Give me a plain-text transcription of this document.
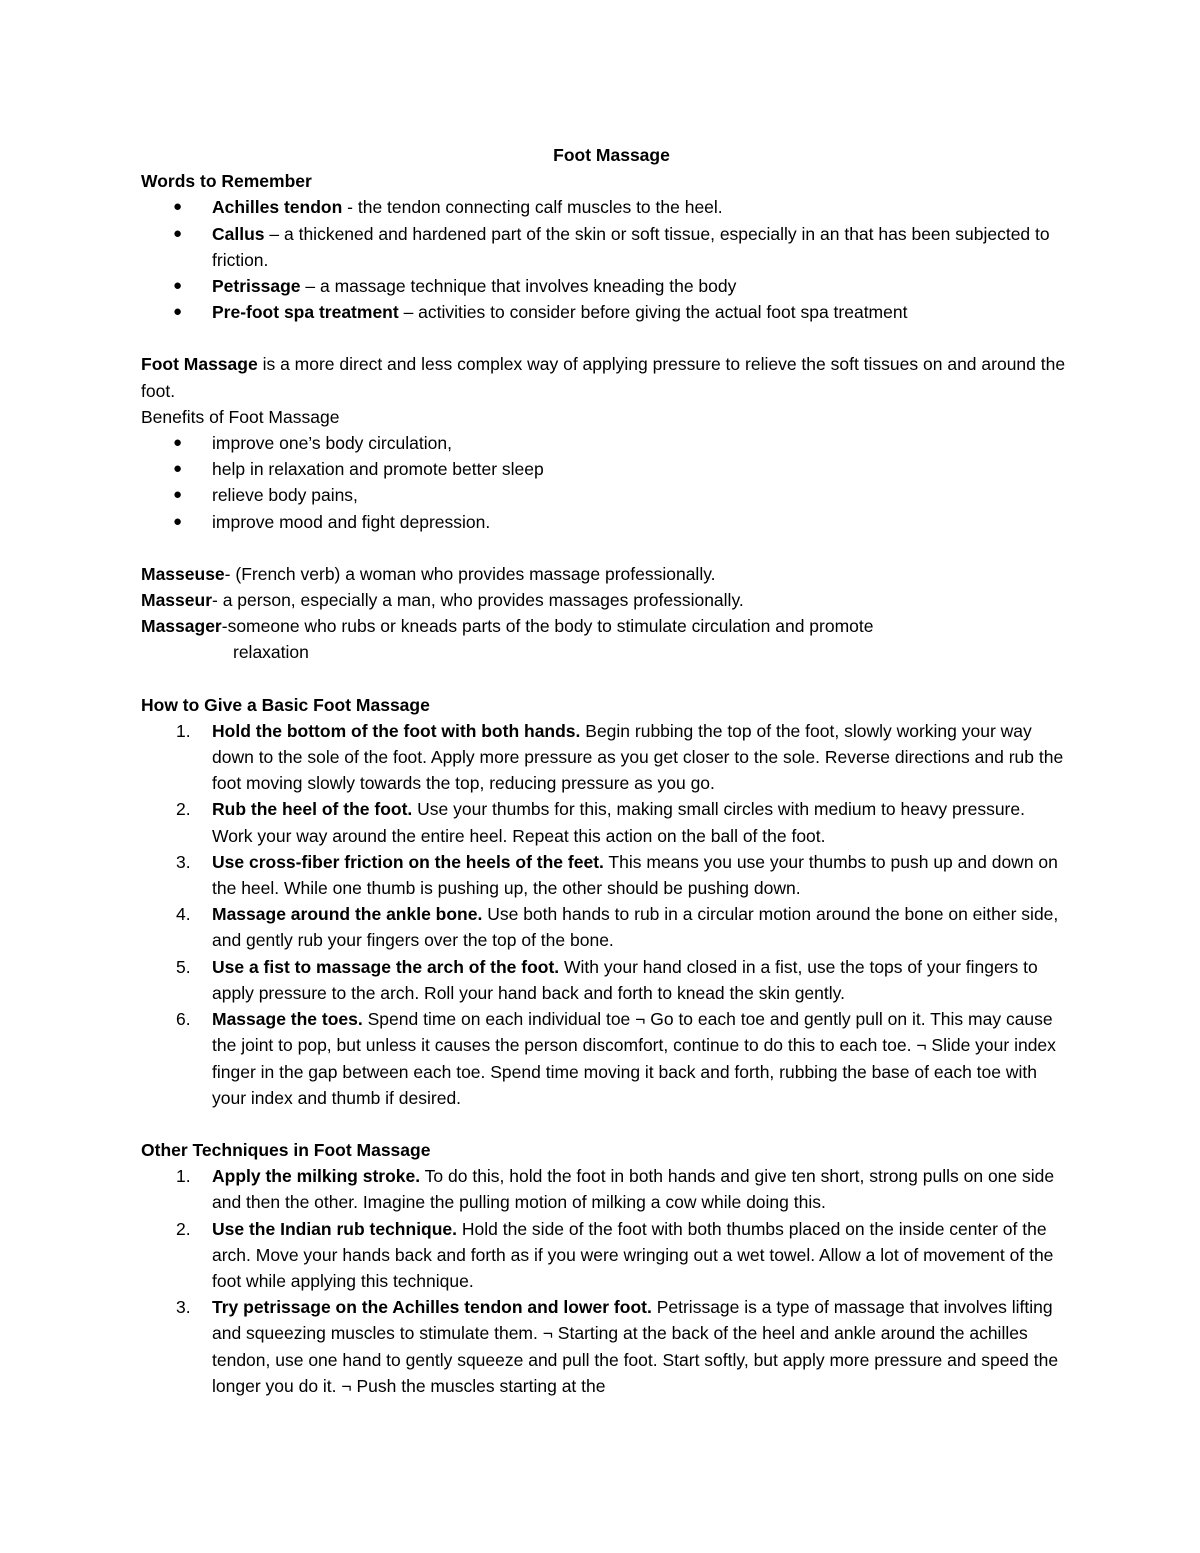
Foot Massage
Words to Remember
● Achilles tendon - the tendon connecting calf muscles to the heel.
● Callus – a thickened and hardened part of the skin or soft tissue, especially in an that has been subjected to friction.
● Petrissage – a massage technique that involves kneading the body
● Pre-foot spa treatment – activities to consider before giving the actual foot spa treatment
Foot Massage is a more direct and less complex way of applying pressure to relieve the soft tissues on and around the foot.
Benefits of Foot Massage
● improve one’s body circulation,
● help in relaxation and promote better sleep
● relieve body pains,
● improve mood and fight depression.
Masseuse- (French verb) a woman who provides massage professionally.
Masseur- a person, especially a man, who provides massages professionally.
Massager-someone who rubs or kneads parts of the body to stimulate circulation and promote
relaxation
How to Give a Basic Foot Massage
1. Hold the bottom of the foot with both hands. Begin rubbing the top of the foot, slowly working your way down to the sole of the foot. Apply more pressure as you get closer to the sole. Reverse directions and rub the foot moving slowly towards the top, reducing pressure as you go.
2. Rub the heel of the foot. Use your thumbs for this, making small circles with medium to heavy pressure. Work your way around the entire heel. Repeat this action on the ball of the foot.
3. Use cross-fiber friction on the heels of the feet. This means you use your thumbs to push up and down on the heel. While one thumb is pushing up, the other should be pushing down.
4. Massage around the ankle bone. Use both hands to rub in a circular motion around the bone on either side, and gently rub your fingers over the top of the bone.
5. Use a fist to massage the arch of the foot. With your hand closed in a fist, use the tops of your fingers to apply pressure to the arch. Roll your hand back and forth to knead the skin gently.
6. Massage the toes. Spend time on each individual toe ¬ Go to each toe and gently pull on it. This may cause the joint to pop, but unless it causes the person discomfort, continue to do this to each toe. ¬ Slide your index finger in the gap between each toe. Spend time moving it back and forth, rubbing the base of each toe with your index and thumb if desired.
Other Techniques in Foot Massage
1. Apply the milking stroke. To do this, hold the foot in both hands and give ten short, strong pulls on one side and then the other. Imagine the pulling motion of milking a cow while doing this.
2. Use the Indian rub technique. Hold the side of the foot with both thumbs placed on the inside center of the arch. Move your hands back and forth as if you were wringing out a wet towel. Allow a lot of movement of the foot while applying this technique.
3. Try petrissage on the Achilles tendon and lower foot. Petrissage is a type of massage that involves lifting and squeezing muscles to stimulate them. ¬ Starting at the back of the heel and ankle around the achilles tendon, use one hand to gently squeeze and pull the foot. Start softly, but apply more pressure and speed the longer you do it. ¬ Push the muscles starting at the
